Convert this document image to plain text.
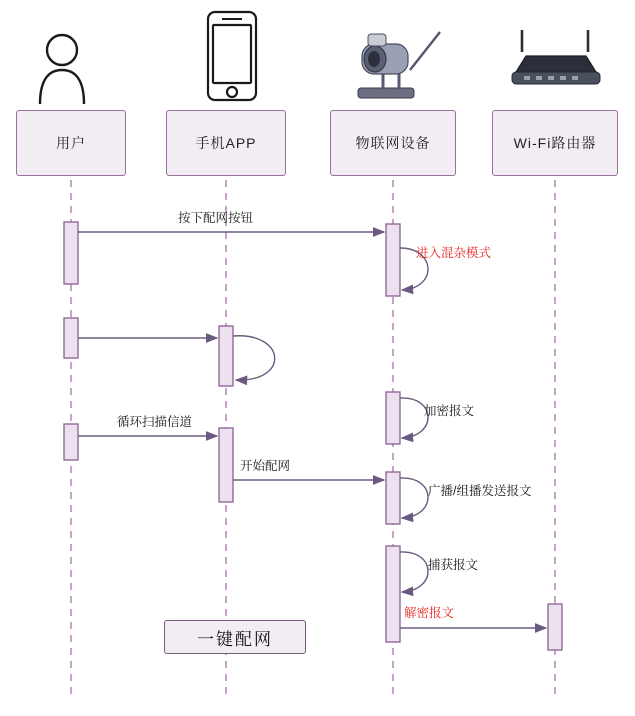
用户	手机APP	物联网设备	Wi-Fi路由器
按下配网按钮
进入混杂模式
加密报文
循环扫描信道
开始配网
广播/组播发送报文
捕获报文
解密报文
一键配网
